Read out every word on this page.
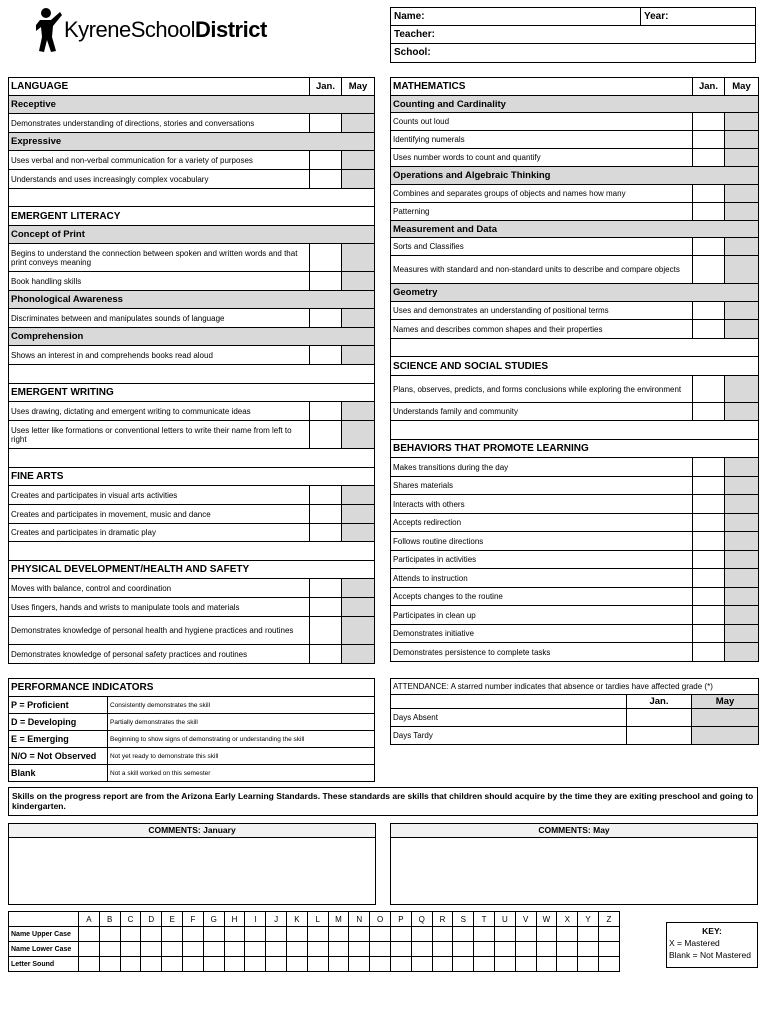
KyreneSchoolDistrict
Name:	Year:
Teacher:
School:
LANGUAGE	Jan.	May
Receptive		
Demonstrates understanding of directions, stories and conversations		
Expressive		
Uses verbal and non-verbal communication for a variety of purposes		
Understands and uses increasingly complex vocabulary		

EMERGENT LITERACY		
Concept of Print		
Begins to understand the connection between spoken and written words and that print conveys meaning		
Book handling skills		
Phonological Awareness		
Discriminates between and manipulates sounds of language		
Comprehension		
Shows an interest in and comprehends books read aloud		

EMERGENT WRITING		
Uses drawing, dictating and emergent writing to communicate ideas		
Uses letter like formations or conventional letters to write their name from left to right		

FINE ARTS		
Creates and participates in visual arts activities		
Creates and participates in movement, music and dance		
Creates and participates in dramatic play		

PHYSICAL DEVELOPMENT/HEALTH AND SAFETY		
Moves with balance, control and coordination		
Uses fingers, hands and wrists to manipulate tools and materials		
Demonstrates knowledge of personal health and hygiene practices and routines		
Demonstrates knowledge of personal safety practices and routines		
MATHEMATICS	Jan.	May
Counting and Cardinality		
Counts out loud		
Identifying numerals		
Uses number words to count and quantify		
Operations and Algebraic Thinking		
Combines and separates groups of objects and names how many		
Patterning		
Measurement and Data		
Sorts and Classifies		
Measures with standard and non-standard units to describe and compare objects		
Geometry		
Uses and demonstrates an understanding of positional terms		
Names and describes common shapes and their properties		

SCIENCE AND SOCIAL STUDIES		
Plans, observes, predicts, and forms conclusions while exploring the environment		
Understands family and community		

BEHAVIORS THAT PROMOTE LEARNING		
Makes transitions during the day		
Shares materials		
Interacts with others		
Accepts redirection		
Follows routine directions		
Participates in activities		
Attends to instruction		
Accepts changes to the routine		
Participates in clean up		
Demonstrates initiative		
Demonstrates persistence to complete tasks		
PERFORMANCE INDICATORS	
P = Proficient	Consistently demonstrates the skill
D = Developing	Partially demonstrates the skill
E = Emerging	Beginning to show signs of demonstrating or understanding the skill
N/O = Not Observed	Not yet ready to demonstrate this skill
Blank	Not a skill worked on this semester
ATTENDANCE: A starred number indicates that absence or tardies have affected grade (*)		
	Jan.	May
Days Absent		
Days Tardy		
Skills on the progress report are from the Arizona Early Learning Standards. These standards are skills that children should acquire by the time they are exiting preschool and going to kindergarten.
COMMENTS: January	COMMENTS: May
	A	B	C	D	E	F	G	H	I	J	K	L	M	N	O	P	Q	R	S	T	U	V	W	X	Y	Z
Name Upper Case																										
Name Lower Case																										
Letter Sound																										
KEY:
X = Mastered
Blank = Not Mastered
